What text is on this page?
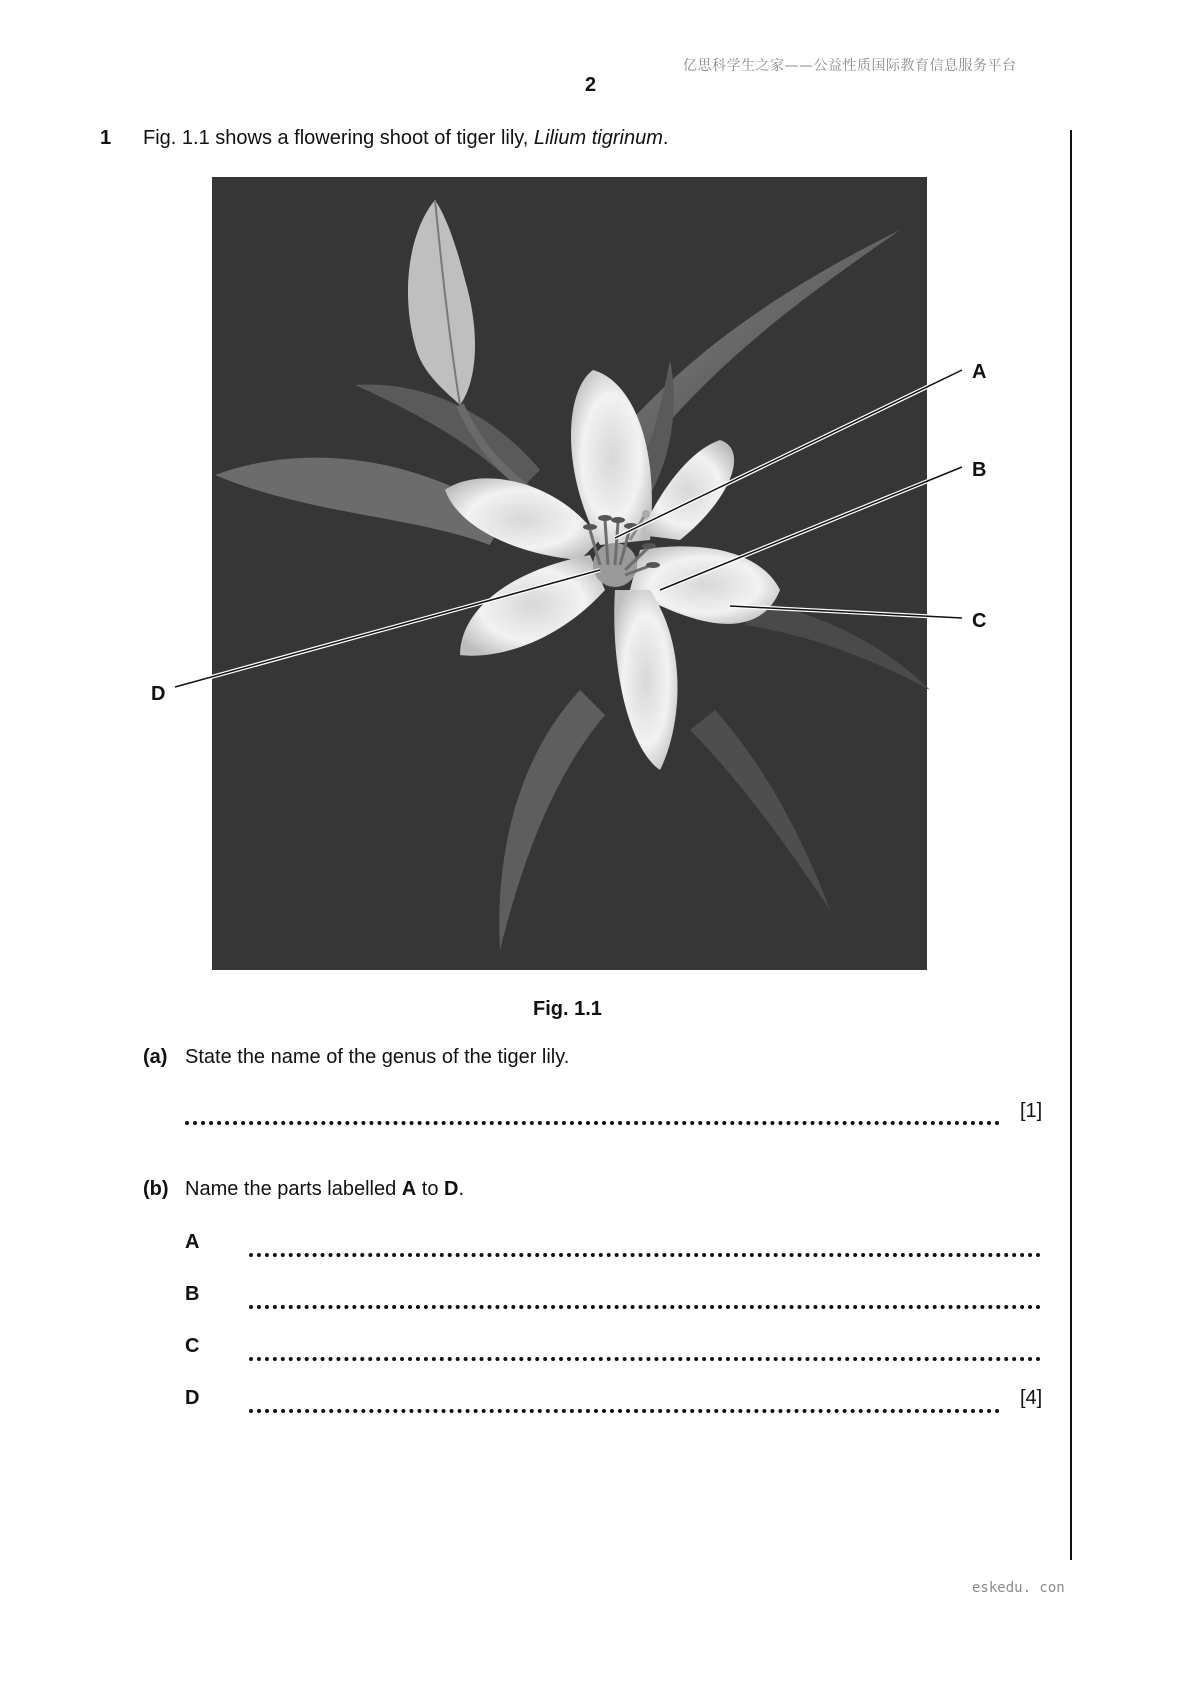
亿思科学生之家——公益性质国际教育信息服务平台
2
1 Fig. 1.1 shows a flowering shoot of tiger lily, Lilium tigrinum.
A
B
C
D
Fig. 1.1
(a) State the name of the genus of the tiger lily.
[1]
(b) Name the parts labelled A to D.
A
B
C
D	[4]
eskedu. con
